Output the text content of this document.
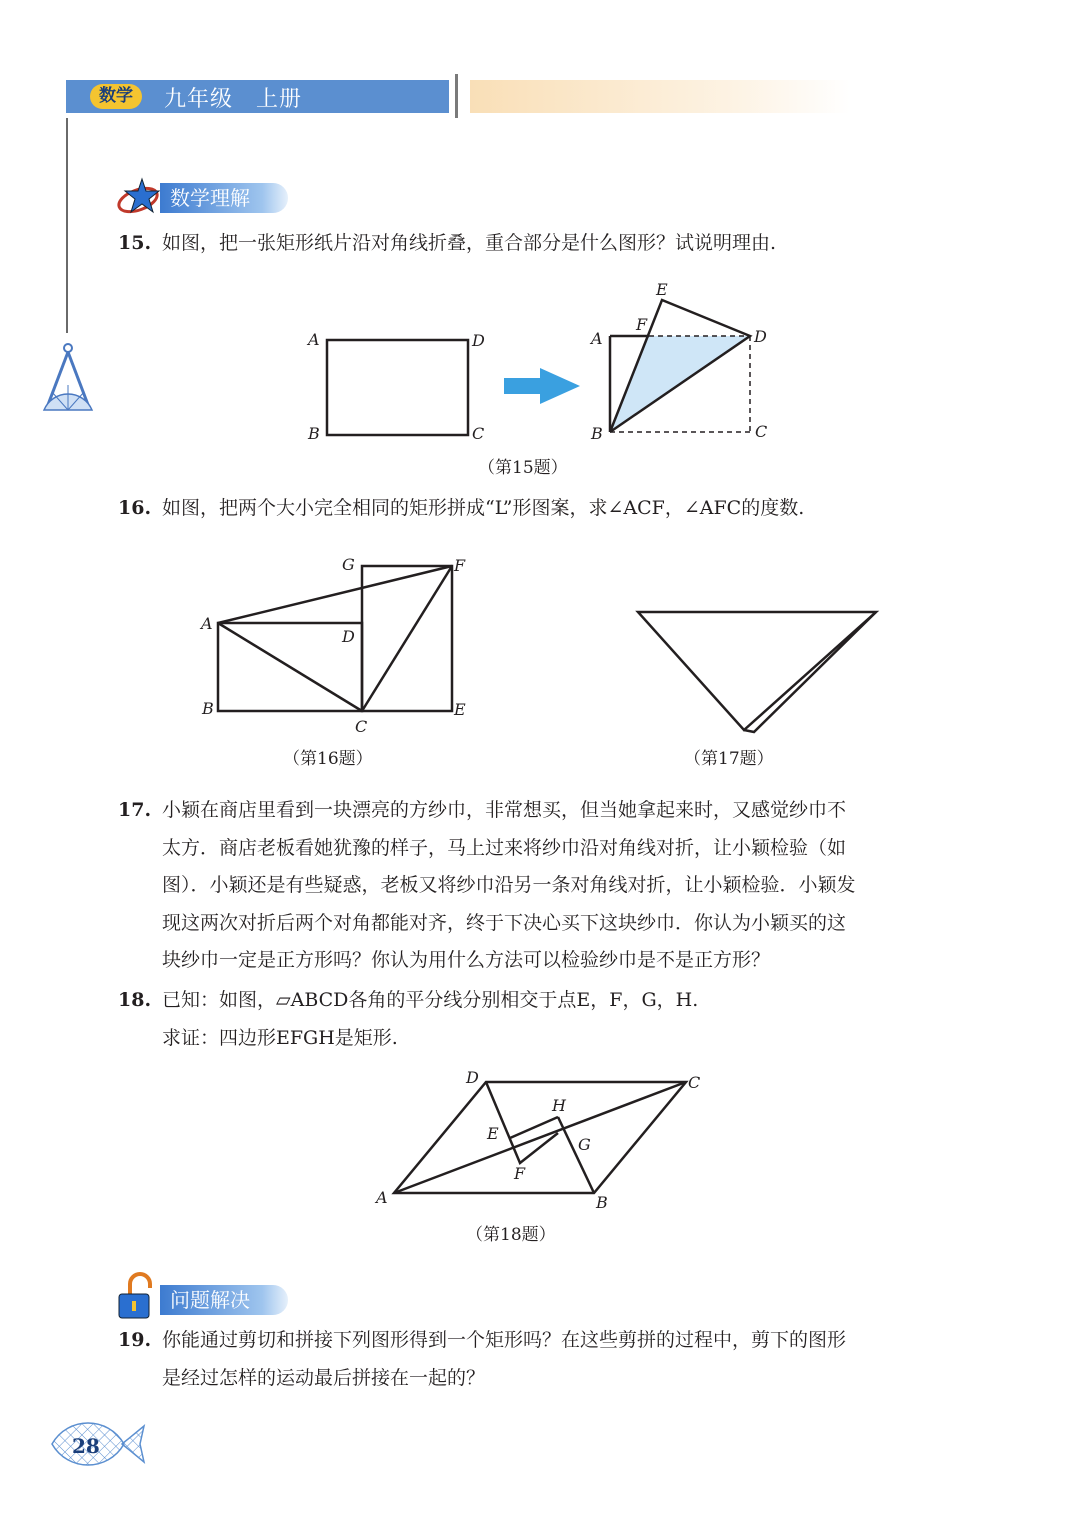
数学	九年级　上册
数学理解
15. 如图，把一张矩形纸片沿对角线折叠，重合部分是什么图形？试说明理由.
A	D
B	C
A	D
B	C
E
F
（第15题）
16. 如图，把两个大小完全相同的矩形拼成“L”形图案，求∠ACF，∠AFC的度数.
A
B
C
D
E
F
G
（第16题）	（第17题）
17. 小颖在商店里看到一块漂亮的方纱巾，非常想买，但当她拿起来时，又感觉纱巾不
太方．商店老板看她犹豫的样子，马上过来将纱巾沿对角线对折，让小颖检验（如
图）．小颖还是有些疑惑，老板又将纱巾沿另一条对角线对折，让小颖检验．小颖发
现这两次对折后两个对角都能对齐，终于下决心买下这块纱巾．你认为小颖买的这
块纱巾一定是正方形吗？你认为用什么方法可以检验纱巾是不是正方形？
18. 已知：如图，▱ABCD各角的平分线分别相交于点E，F，G，H.
求证：四边形EFGH是矩形.
A	B
C
D
E
F
G
H
（第18题）
问题解决
19. 你能通过剪切和拼接下列图形得到一个矩形吗？在这些剪拼的过程中，剪下的图形
是经过怎样的运动最后拼接在一起的？
28
